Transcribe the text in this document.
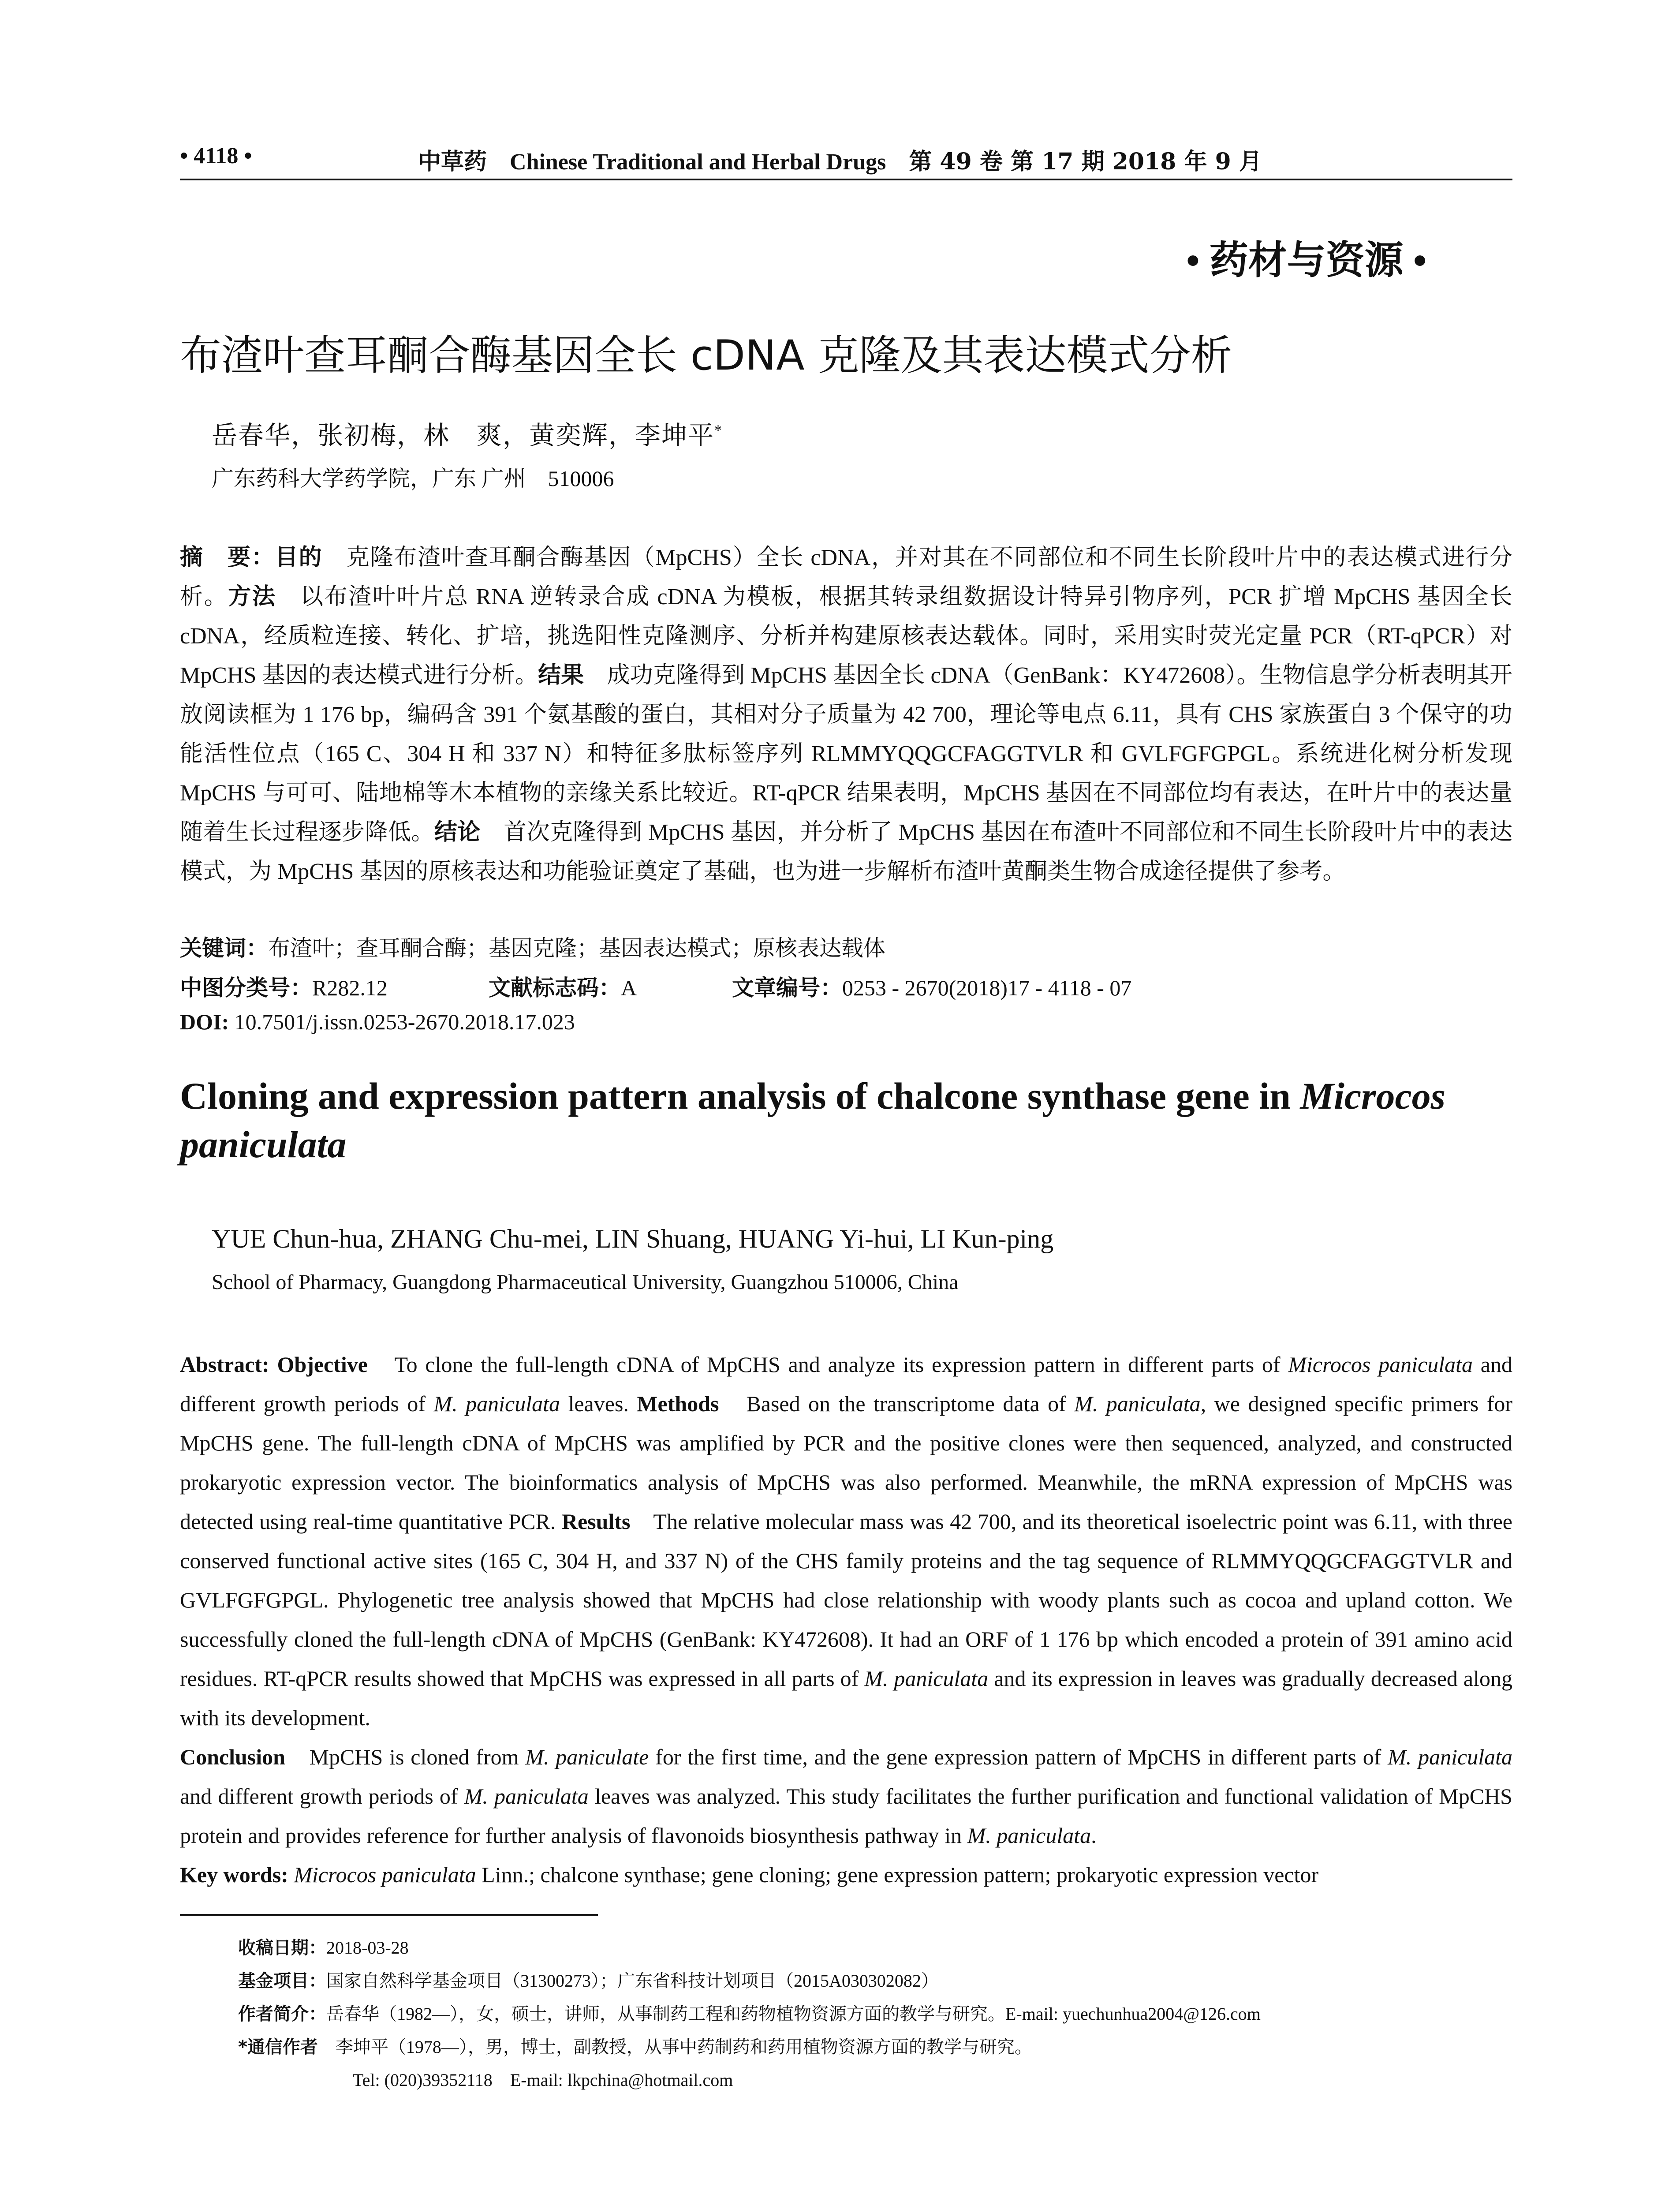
• 4118 •	中草药 Chinese Traditional and Herbal Drugs 第 49 卷 第 17 期 2018 年 9 月
• 药材与资源 •
布渣叶查耳酮合酶基因全长 cDNA 克隆及其表达模式分析
岳春华，张初梅，林　爽，黄奕辉，李坤平*
广东药科大学药学院，广东 广州　510006

摘　要：目的　克隆布渣叶查耳酮合酶基因（MpCHS）全长 cDNA，并对其在不同部位和不同生长阶段叶片中的表达模式进行分析。方法　以布渣叶叶片总 RNA 逆转录合成 cDNA 为模板，根据其转录组数据设计特异引物序列，PCR 扩增 MpCHS 基因全长 cDNA，经质粒连接、转化、扩培，挑选阳性克隆测序、分析并构建原核表达载体。同时，采用实时荧光定量 PCR（RT-qPCR）对 MpCHS 基因的表达模式进行分析。结果　成功克隆得到 MpCHS 基因全长 cDNA（GenBank：KY472608）。生物信息学分析表明其开放阅读框为 1 176 bp，编码含 391 个氨基酸的蛋白，其相对分子质量为 42 700，理论等电点 6.11，具有 CHS 家族蛋白 3 个保守的功能活性位点（165 C、304 H 和 337 N）和特征多肽标签序列 RLMMYQQGCFAGGTVLR 和 GVLFGFGPGL。系统进化树分析发现 MpCHS 与可可、陆地棉等木本植物的亲缘关系比较近。RT-qPCR 结果表明，MpCHS 基因在不同部位均有表达，在叶片中的表达量随着生长过程逐步降低。结论　首次克隆得到 MpCHS 基因，并分析了 MpCHS 基因在布渣叶不同部位和不同生长阶段叶片中的表达模式，为 MpCHS 基因的原核表达和功能验证奠定了基础，也为进一步解析布渣叶黄酮类生物合成途径提供了参考。

关键词：布渣叶；查耳酮合酶；基因克隆；基因表达模式；原核表达载体
中图分类号：R282.12	文献标志码：A	文章编号：0253 - 2670(2018)17 - 4118 - 07
DOI: 10.7501/j.issn.0253-2670.2018.17.023
Cloning and expression pattern analysis of chalcone synthase gene in Microcos
paniculata
YUE Chun-hua, ZHANG Chu-mei, LIN Shuang, HUANG Yi-hui, LI Kun-ping
School of Pharmacy, Guangdong Pharmaceutical University, Guangzhou 510006, China

Abstract: Objective　To clone the full-length cDNA of MpCHS and analyze its expression pattern in different parts of Microcos paniculata and different growth periods of M. paniculata leaves. Methods　Based on the transcriptome data of M. paniculata, we designed specific primers for MpCHS gene. The full-length cDNA of MpCHS was amplified by PCR and the positive clones were then sequenced, analyzed, and constructed prokaryotic expression vector. The bioinformatics analysis of MpCHS was also performed. Meanwhile, the mRNA expression of MpCHS was detected using real-time quantitative PCR. Results　The relative molecular mass was 42 700, and its theoretical isoelectric point was 6.11, with three conserved functional active sites (165 C, 304 H, and 337 N) of the CHS family proteins and the tag sequence of RLMMYQQGCFAGGTVLR and GVLFGFGPGL. Phylogenetic tree analysis showed that MpCHS had close relationship with woody plants such as cocoa and upland cotton. We successfully cloned the full-length cDNA of MpCHS (GenBank: KY472608). It had an ORF of 1 176 bp which encoded a protein of 391 amino acid residues. RT-qPCR results showed that MpCHS was expressed in all parts of M. paniculata and its expression in leaves was gradually decreased along with its development.
Conclusion　MpCHS is cloned from M. paniculate for the first time, and the gene expression pattern of MpCHS in different parts of M. paniculata and different growth periods of M. paniculata leaves was analyzed. This study facilitates the further purification and functional validation of MpCHS protein and provides reference for further analysis of flavonoids biosynthesis pathway in M. paniculata.

Key words: Microcos paniculata Linn.; chalcone synthase; gene cloning; gene expression pattern; prokaryotic expression vector

收稿日期：2018-03-28
基金项目：国家自然科学基金项目（31300273）；广东省科技计划项目（2015A030302082）
作者简介：岳春华（1982—），女，硕士，讲师，从事制药工程和药物植物资源方面的教学与研究。E-mail: yuechunhua2004@126.com
*通信作者　李坤平（1978—），男，博士，副教授，从事中药制药和药用植物资源方面的教学与研究。
Tel: (020)39352118　E-mail: lkpchina@hotmail.com
